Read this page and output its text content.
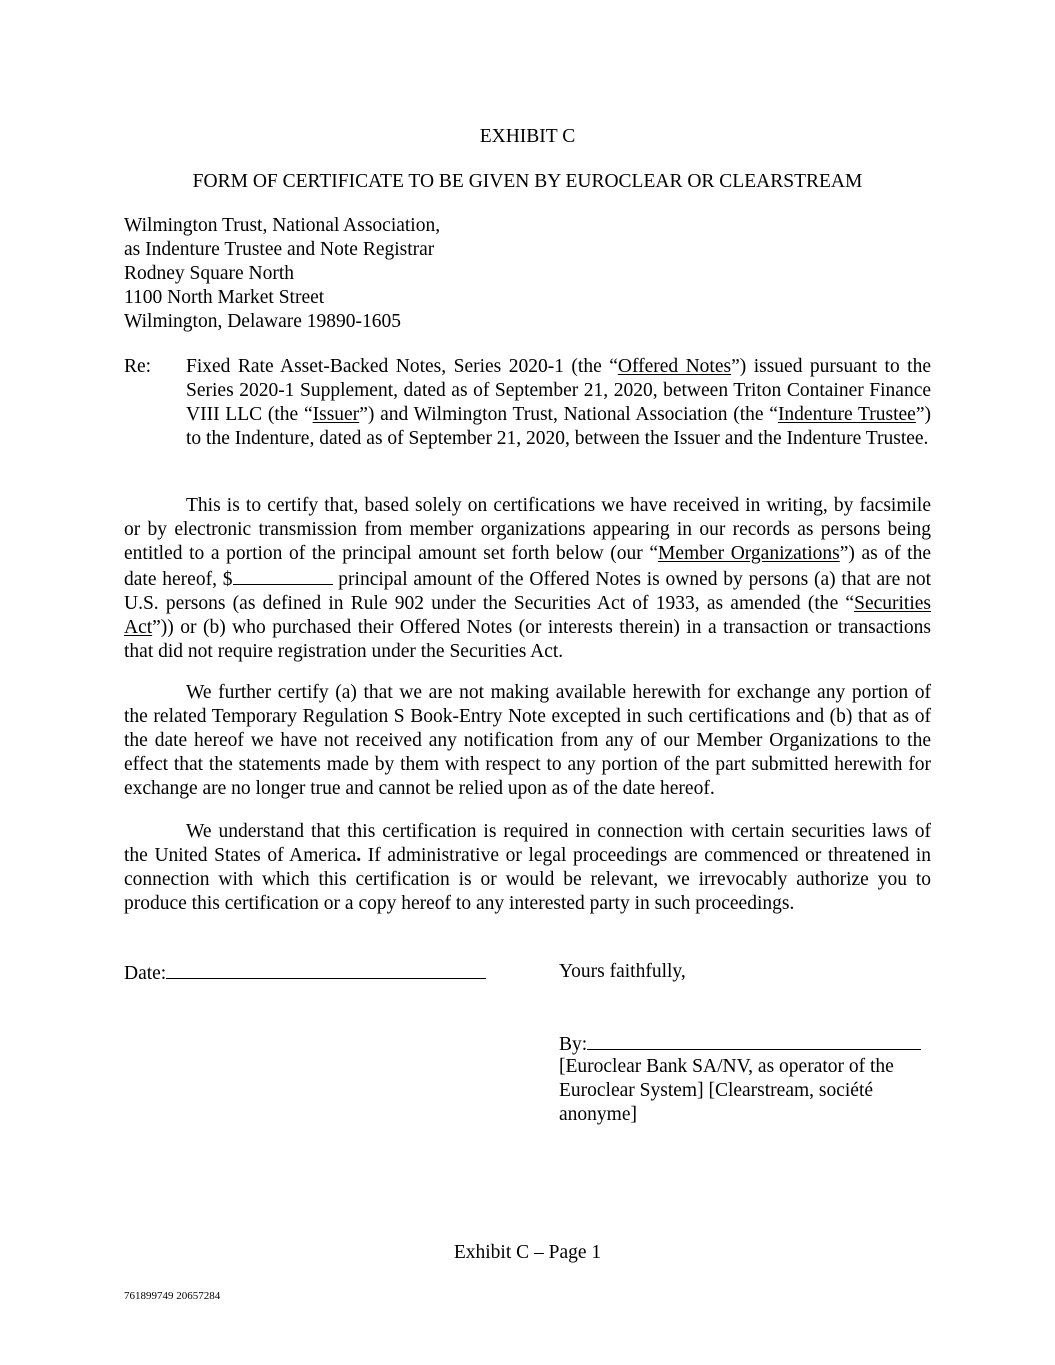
EXHIBIT C

FORM OF CERTIFICATE TO BE GIVEN BY EUROCLEAR OR CLEARSTREAM

Wilmington Trust, National Association,
as Indenture Trustee and Note Registrar
Rodney Square North
1100 North Market Street
Wilmington, Delaware 19890-1605

Re: Fixed Rate Asset-Backed Notes, Series 2020-1 (the “Offered Notes”) issued pursuant to the Series 2020-1 Supplement, dated as of September 21, 2020, between Triton Container Finance VIII LLC (the “Issuer”) and Wilmington Trust, National Association (the “Indenture Trustee”) to the Indenture, dated as of September 21, 2020, between the Issuer and the Indenture Trustee.

This is to certify that, based solely on certifications we have received in writing, by facsimile or by electronic transmission from member organizations appearing in our records as persons being entitled to a portion of the principal amount set forth below (our “Member Organizations”) as of the date hereof, $	principal amount of the Offered Notes is owned by persons (a) that are not U.S. persons (as defined in Rule 902 under the Securities Act of 1933, as amended (the “Securities Act”)) or (b) who purchased their Offered Notes (or interests therein) in a transaction or transactions that did not require registration under the Securities Act.

We further certify (a) that we are not making available herewith for exchange any portion of the related Temporary Regulation S Book-Entry Note excepted in such certifications and (b) that as of the date hereof we have not received any notification from any of our Member Organizations to the effect that the statements made by them with respect to any portion of the part submitted herewith for exchange are no longer true and cannot be relied upon as of the date hereof.

We understand that this certification is required in connection with certain securities laws of the United States of America. If administrative or legal proceedings are commenced or threatened in connection with which this certification is or would be relevant, we irrevocably authorize you to produce this certification or a copy hereof to any interested party in such proceedings.

Date:	Yours faithfully,

By:

[Euroclear Bank SA/NV, as operator of the Euroclear System] [Clearstream, société anonyme]

Exhibit C – Page 1

761899749 20657284
